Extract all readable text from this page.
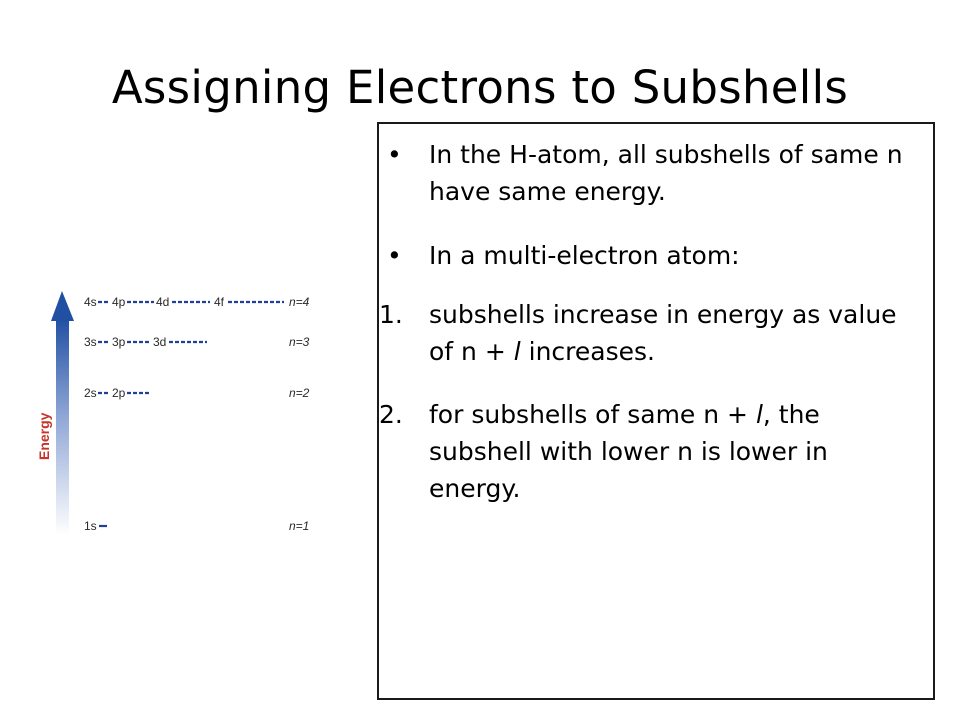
Assigning Electrons to Subshells
Energy
4s 4p	4d	4f	n=4
3s 3p 3d	n=3
2s 2p	n=2
1s	n=1
•	In the H-atom, all subshells of same n have same energy.
•	In a multi-electron atom:
1. subshells increase in energy as value of n + l increases.
2. for subshells of same n + l, the subshell with lower n is lower in energy.
